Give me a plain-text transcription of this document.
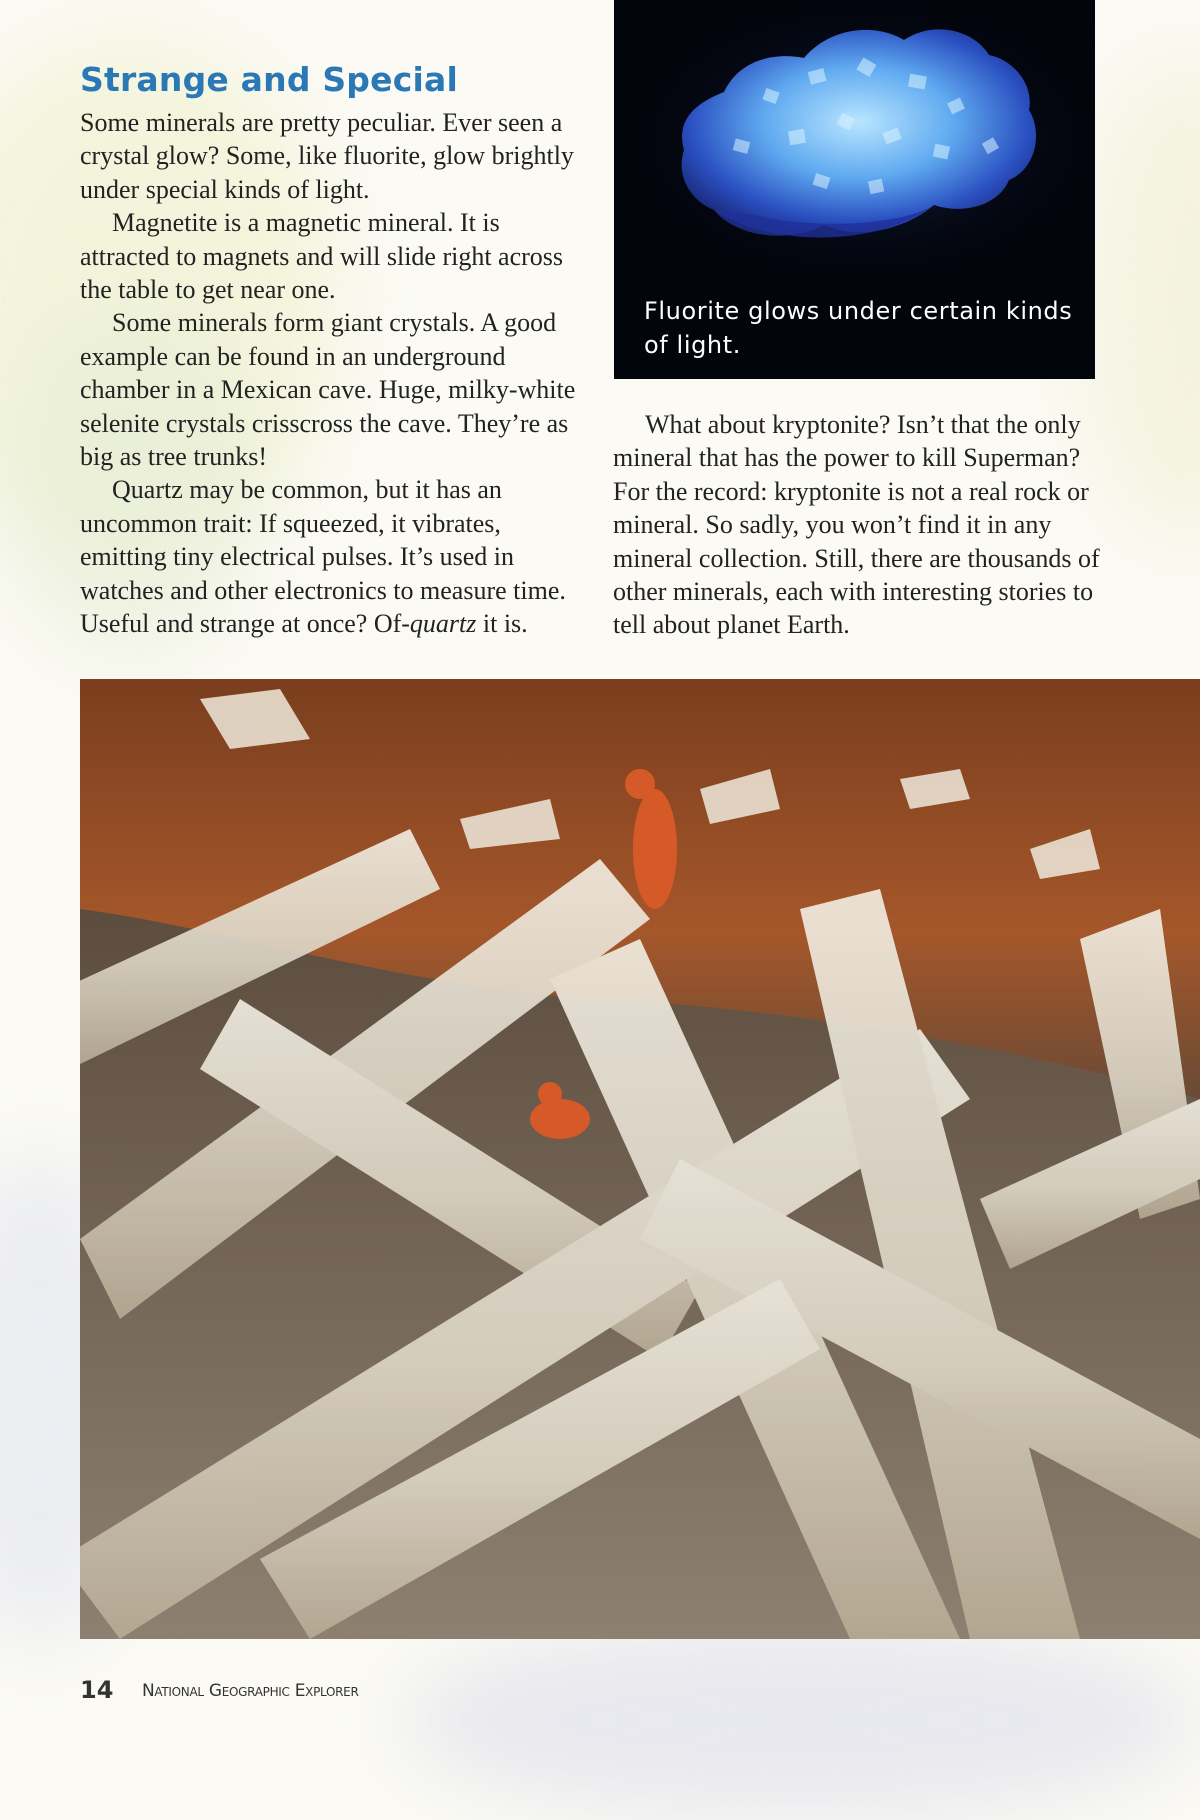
Strange and Special

Some minerals are pretty peculiar. Ever seen a crystal glow? Some, like fluorite, glow brightly under special kinds of light.

Magnetite is a magnetic mineral. It is attracted to magnets and will slide right across the table to get near one.

Some minerals form giant crystals. A good example can be found in an underground chamber in a Mexican cave. Huge, milky-white selenite crystals crisscross the cave. They’re as big as tree trunks!

Quartz may be common, but it has an uncommon trait: If squeezed, it vibrates, emitting tiny electrical pulses. It’s used in watches and other electronics to measure time. Useful and strange at once? Of-quartz it is.

Fluorite glows under certain kinds of light.

What about kryptonite? Isn’t that the only mineral that has the power to kill Superman? For the record: kryptonite is not a real rock or mineral. So sadly, you won’t find it in any mineral collection. Still, there are thousands of other minerals, each with interesting stories to tell about planet Earth.

14 National Geographic Explorer
